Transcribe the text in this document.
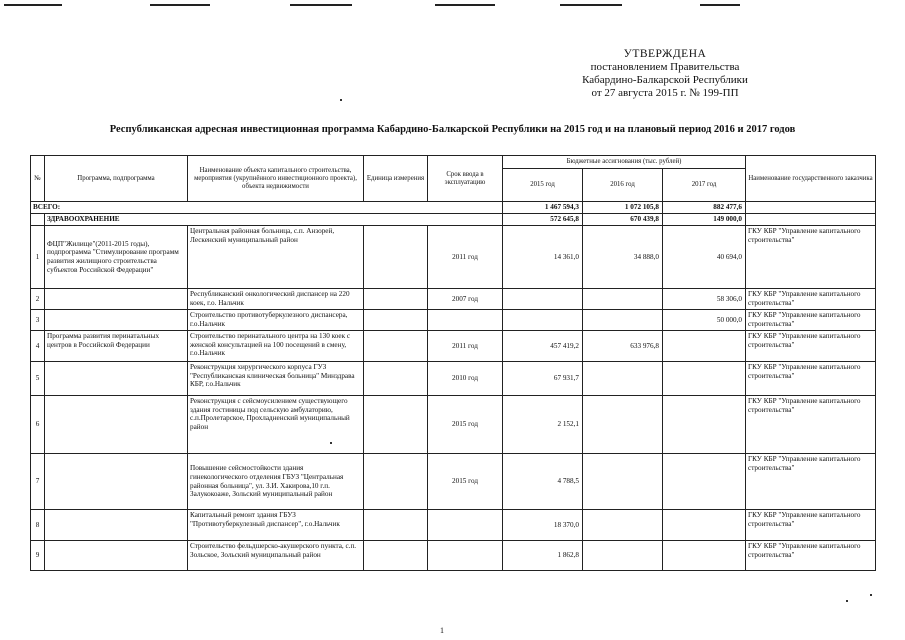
УТВЕРЖДЕНА
постановлением Правительства
Кабардино-Балкарской Республики
от 27 августа 2015 г. № 199-ПП
Республиканская адресная инвестиционная программа Кабардино-Балкарской Республики на 2015 год и на плановый период 2016 и 2017 годов
№	Программа, подпрограмма	Наименование объекта капитального строительства, мероприятия (укрупнённого инвестиционного проекта), объекта недвижимости	Единица измерения	Срок ввода в эксплуатацию	Бюджетные ассигнования (тыс. рублей)			Наименование государственного заказчика
					2015 год	2016 год	2017 год	
ВСЕГО:					1 467 594,3	1 072 105,8	882 477,6	
	ЗДРАВООХРАНЕНИЕ				572 645,8	670 439,8	149 000,0	
1	ФЦП"Жилище"(2011-2015 годы), подпрограмма "Стимулирование программ развития жилищного строительства субъектов Российской Федерации"	Центральная районная больница, с.п. Анзорей, Лескенский муниципальный район		2011 год	14 361,0	34 888,0	40 694,0	ГКУ КБР "Управление капитального строительства"
2		Республиканский онкологический диспансер на 220 коек, г.о. Нальчик		2007 год			58 306,0	ГКУ КБР "Управление капитального строительства"
3		Строительство противотуберкулезного диспансера, г.о.Нальчик					50 000,0	ГКУ КБР "Управление капитального строительства"
4	Программа развития перинатальных центров в Российской Федерации	Строительство перинатального центра на 130 коек с женской консультацией на 100 посещений в смену, г.о.Нальчик		2011 год	457 419,2	633 976,8		ГКУ КБР "Управление капитального строительства"
5		Реконструкция хирургического корпуса ГУЗ "Республиканская клиническая больница" Минздрава КБР, г.о.Нальчик		2010 год	67 931,7			ГКУ КБР "Управление капитального строительства"
6		Реконструкция с сейсмоусилением существующего здания гостиницы под сельскую амбулаторию, с.п.Пролетарское, Прохладненский муниципальный район		2015 год	2 152,1			ГКУ КБР "Управление капитального строительства"
7		Повышение сейсмостойкости здания гинекологического отделения ГБУЗ "Центральная районная больница", ул. З.И. Хакирова,10 г.п. Залукокоаже, Зольский муниципальный район		2015 год	4 788,5			ГКУ КБР "Управление капитального строительства"
8		Капитальный ремонт здания ГБУЗ "Противотуберкулезный диспансер", г.о.Нальчик			18 370,0			ГКУ КБР "Управление капитального строительства"
9		Строительство фельдшерско-акушерского пункта, с.п. Зольское, Зольский муниципальный район			1 862,8			ГКУ КБР "Управление капитального строительства"
1
